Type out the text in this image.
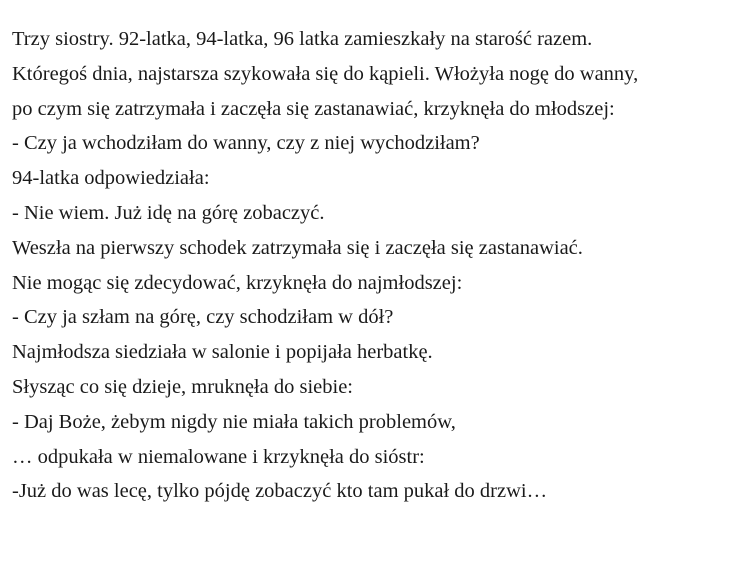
Trzy siostry. 92-latka, 94-latka, 96 latka zamieszkały na starość razem.

Któregoś dnia, najstarsza szykowała się do kąpieli. Włożyła nogę do wanny,

po czym się zatrzymała i zaczęła się zastanawiać, krzyknęła do młodszej:

- Czy ja wchodziłam do wanny, czy z niej wychodziłam?

94-latka odpowiedziała:

- Nie wiem. Już idę na górę zobaczyć.

Weszła na pierwszy schodek zatrzymała się i zaczęła się zastanawiać.

Nie mogąc się zdecydować, krzyknęła do najmłodszej:

- Czy ja szłam na górę, czy schodziłam w dół?

Najmłodsza siedziała w salonie i popijała herbatkę.

Słysząc co się dzieje, mruknęła do siebie:

- Daj Boże, żebym nigdy nie miała takich problemów,

… odpukała w niemalowane i krzyknęła do sióstr:

-Już do was lecę, tylko pójdę zobaczyć kto tam pukał do drzwi…
